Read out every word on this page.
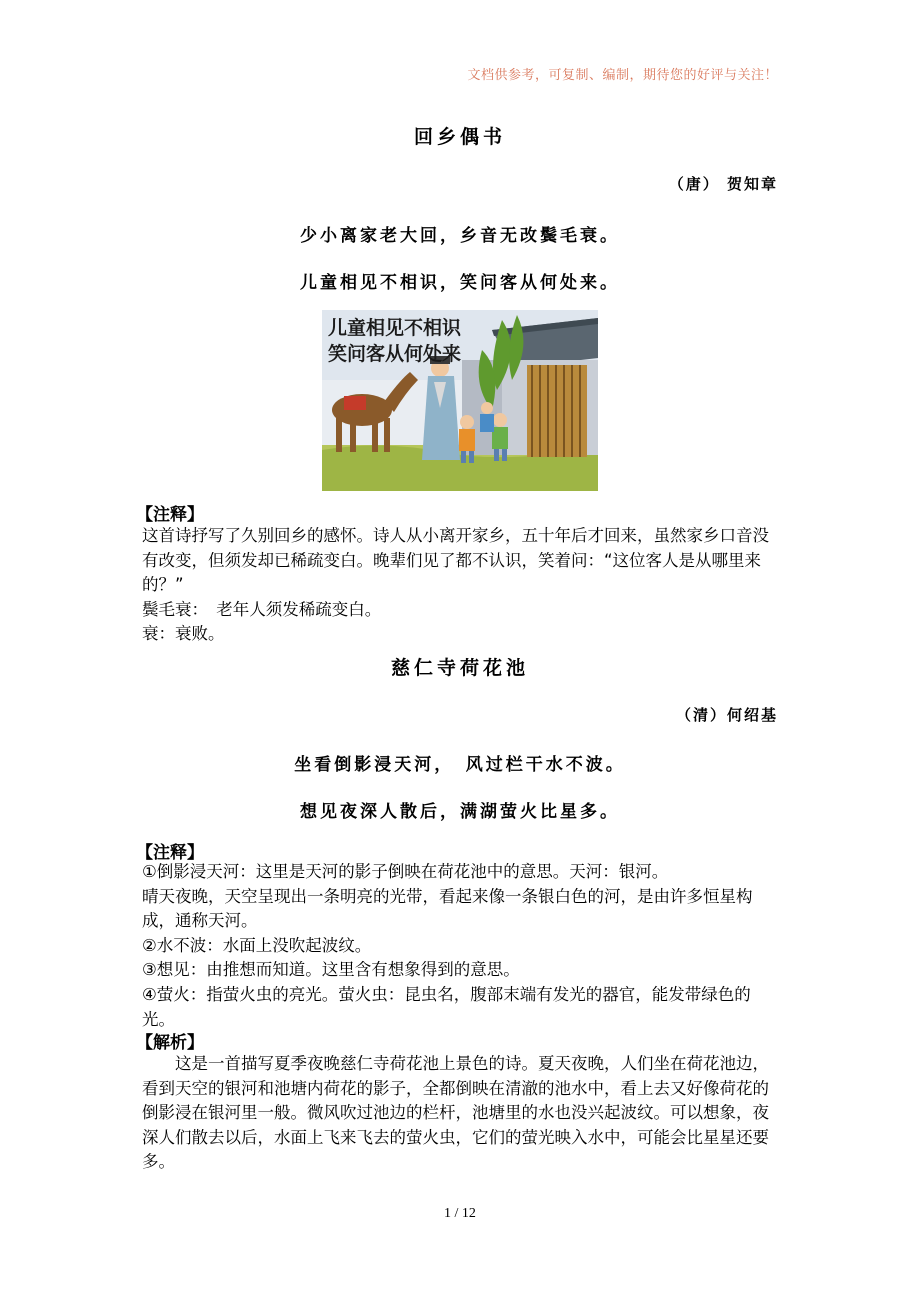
文档供参考，可复制、编制，期待您的好评与关注！
回乡偶书
（唐） 贺知章
少小离家老大回，乡音无改鬓毛衰。
儿童相见不相识，笑问客从何处来。
儿童相见不相识
笑问客从何处来
【注释】

这首诗抒写了久别回乡的感怀。诗人从小离开家乡，五十年后才回来，虽然家乡口音没有改变，但须发却已稀疏变白。晚辈们见了都不认识，笑着问：“这位客人是从哪里来的？”

鬓毛衰：　老年人须发稀疏变白。

衰：衰败。

慈仁寺荷花池
（清）何绍基
坐看倒影浸天河，　风过栏干水不波。
想见夜深人散后，满湖萤火比星多。
【注释】

①倒影浸天河：这里是天河的影子倒映在荷花池中的意思。天河：银河。

晴天夜晚，天空呈现出一条明亮的光带，看起来像一条银白色的河，是由许多恒星构成，通称天河。

②水不波：水面上没吹起波纹。

③想见：由推想而知道。这里含有想象得到的意思。

④萤火：指萤火虫的亮光。萤火虫：昆虫名，腹部末端有发光的器官，能发带绿色的光。

【解析】

这是一首描写夏季夜晚慈仁寺荷花池上景色的诗。夏天夜晚，人们坐在荷花池边，看到天空的银河和池塘内荷花的影子，全都倒映在清澈的池水中，看上去又好像荷花的倒影浸在银河里一般。微风吹过池边的栏杆，池塘里的水也没兴起波纹。可以想象，夜深人们散去以后，水面上飞来飞去的萤火虫，它们的萤光映入水中，可能会比星星还要多。

1 / 12
